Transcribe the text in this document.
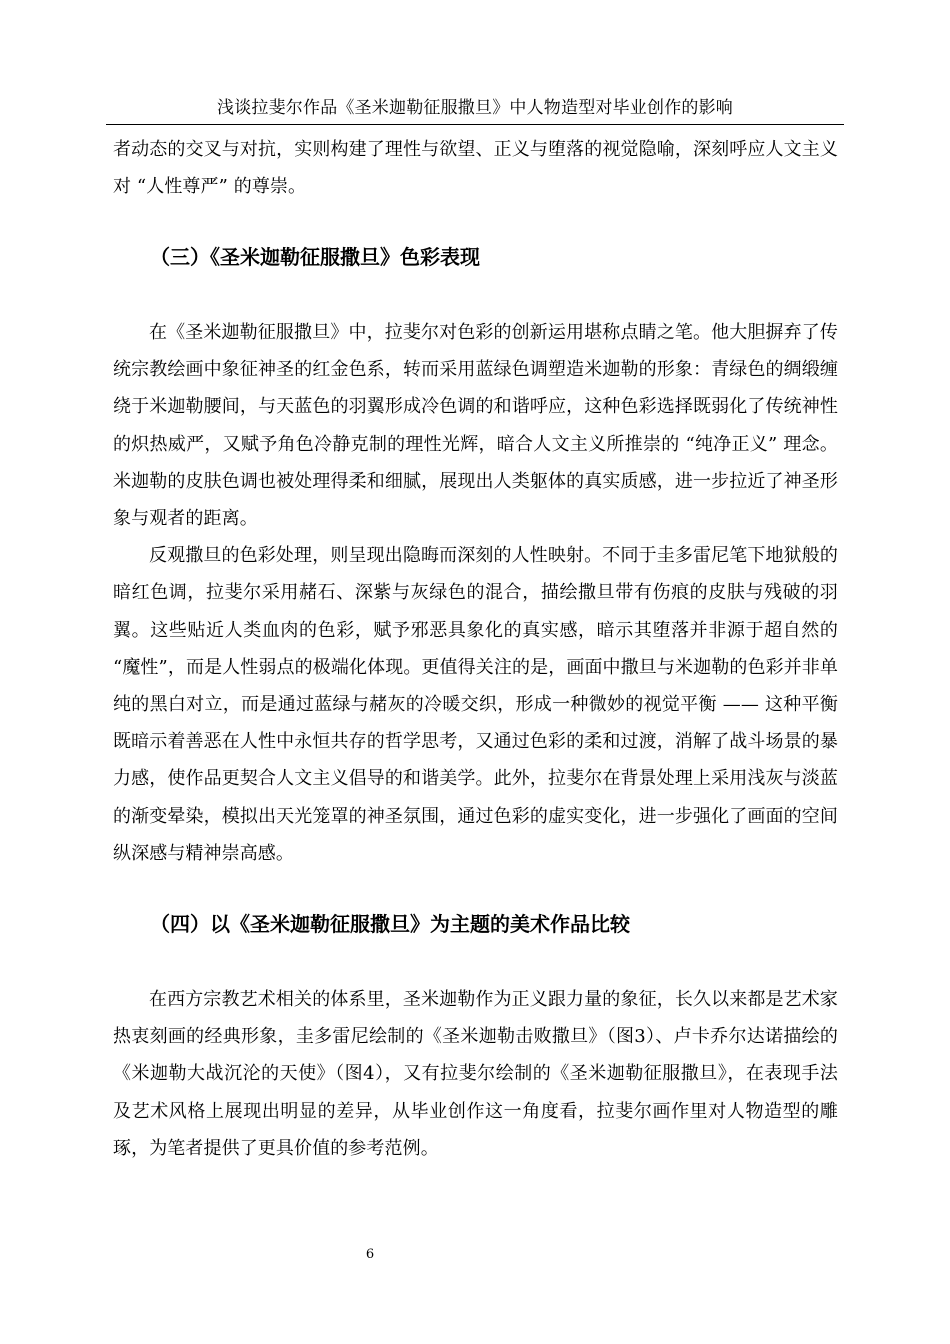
浅谈拉斐尔作品《圣米迦勒征服撒旦》中人物造型对毕业创作的影响

者动态的交叉与对抗，实则构建了理性与欲望、正义与堕落的视觉隐喻，深刻呼应人文主义对 “人性尊严” 的尊崇。

（三）《圣米迦勒征服撒旦》色彩表现

在《圣米迦勒征服撒旦》中，拉斐尔对色彩的创新运用堪称点睛之笔。他大胆摒弃了传统宗教绘画中象征神圣的红金色系，转而采用蓝绿色调塑造米迦勒的形象：青绿色的绸缎缠绕于米迦勒腰间，与天蓝色的羽翼形成冷色调的和谐呼应，这种色彩选择既弱化了传统神性的炽热威严，又赋予角色冷静克制的理性光辉，暗合人文主义所推崇的 “纯净正义” 理念。米迦勒的皮肤色调也被处理得柔和细腻，展现出人类躯体的真实质感，进一步拉近了神圣形象与观者的距离。

反观撒旦的色彩处理，则呈现出隐晦而深刻的人性映射。不同于圭多雷尼笔下地狱般的暗红色调，拉斐尔采用赭石、深紫与灰绿色的混合，描绘撒旦带有伤痕的皮肤与残破的羽翼。这些贴近人类血肉的色彩，赋予邪恶具象化的真实感，暗示其堕落并非源于超自然的 “魔性”，而是人性弱点的极端化体现。更值得关注的是，画面中撒旦与米迦勒的色彩并非单纯的黑白对立，而是通过蓝绿与赭灰的冷暖交织，形成一种微妙的视觉平衡 —— 这种平衡既暗示着善恶在人性中永恒共存的哲学思考，又通过色彩的柔和过渡，消解了战斗场景的暴力感，使作品更契合人文主义倡导的和谐美学。此外，拉斐尔在背景处理上采用浅灰与淡蓝的渐变晕染，模拟出天光笼罩的神圣氛围，通过色彩的虚实变化，进一步强化了画面的空间纵深感与精神崇高感。

（四）以《圣米迦勒征服撒旦》为主题的美术作品比较

在西方宗教艺术相关的体系里，圣米迦勒作为正义跟力量的象征，长久以来都是艺术家热衷刻画的经典形象，圭多雷尼绘制的《圣米迦勒击败撒旦》（图3）、卢卡乔尔达诺描绘的《米迦勒大战沉沦的天使》（图4），又有拉斐尔绘制的《圣米迦勒征服撒旦》，在表现手法及艺术风格上展现出明显的差异，从毕业创作这一角度看，拉斐尔画作里对人物造型的雕琢，为笔者提供了更具价值的参考范例。

6
